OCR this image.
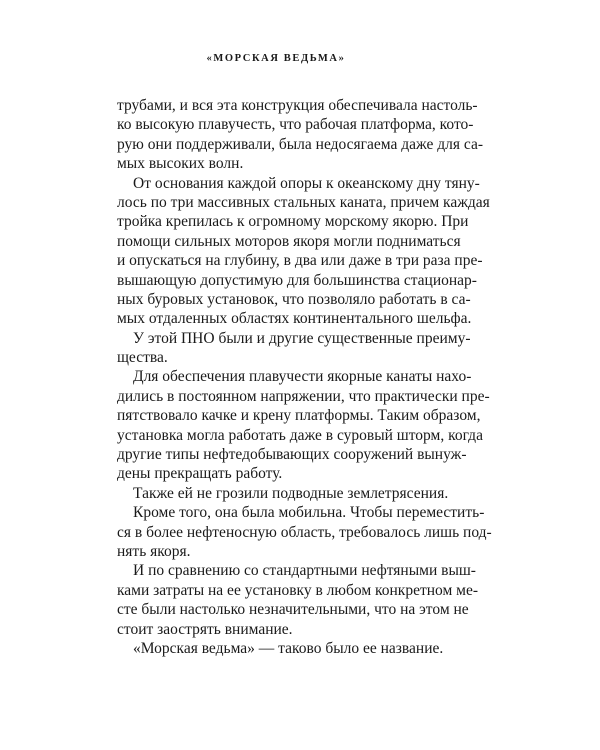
«МОРСКАЯ ВЕДЬМА»
трубами, и вся эта конструкция обеспечивала настоль-
ко высокую плавучесть, что рабочая платформа, кото-
рую они поддерживали, была недосягаема даже для са-
мых высоких волн.
От основания каждой опоры к океанскому дну тяну-
лось по три массивных стальных каната, причем каждая
тройка крепилась к огромному морскому якорю. При
помощи сильных моторов якоря могли подниматься
и опускаться на глубину, в два или даже в три раза пре-
вышающую допустимую для большинства стационар-
ных буровых установок, что позволяло работать в са-
мых отдаленных областях континентального шельфа.
У этой ПНО были и другие существенные преиму-
щества.
Для обеспечения плавучести якорные канаты нахо-
дились в постоянном напряжении, что практически пре-
пятствовало качке и крену платформы. Таким образом,
установка могла работать даже в суровый шторм, когда
другие типы нефтедобывающих сооружений вынуж-
дены прекращать работу.
Также ей не грозили подводные землетрясения.
Кроме того, она была мобильна. Чтобы переместить-
ся в более нефтеносную область, требовалось лишь под-
нять якоря.
И по сравнению со стандартными нефтяными выш-
ками затраты на ее установку в любом конкретном ме-
сте были настолько незначительными, что на этом не
стоит заострять внимание.
«Морская ведьма» — таково было ее название.
